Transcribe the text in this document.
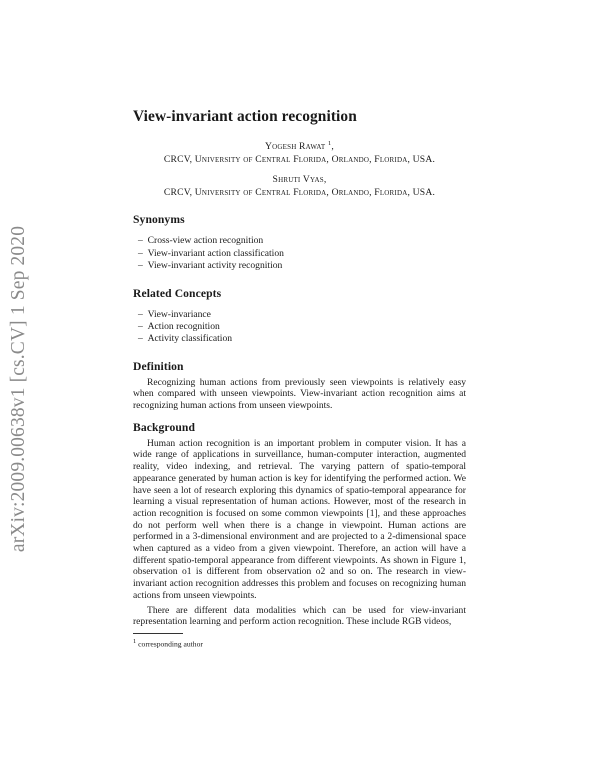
arXiv:2009.00638v1 [cs.CV] 1 Sep 2020
View-invariant action recognition
Yogesh Rawat $^1$,
CRCV, University of Central Florida, Orlando, Florida, USA.
Shruti Vyas,
CRCV, University of Central Florida, Orlando, Florida, USA.
Synonyms
–  Cross-view action recognition
–  View-invariant action classification
–  View-invariant activity recognition
Related Concepts
–  View-invariance
–  Action recognition
–  Activity classification
Definition

Recognizing human actions from previously seen viewpoints is relatively easy when compared with unseen viewpoints. View-invariant action recognition aims at recognizing human actions from unseen viewpoints.

Background

Human action recognition is an important problem in computer vision. It has a wide range of applications in surveillance, human-computer interaction, augmented reality, video indexing, and retrieval. The varying pattern of spatio-temporal appearance generated by human action is key for identifying the performed action. We have seen a lot of research exploring this dynamics of spatio-temporal appearance for learning a visual representation of human actions. However, most of the research in action recognition is focused on some common viewpoints [1], and these approaches do not perform well when there is a change in viewpoint. Human actions are performed in a 3-dimensional environment and are projected to a 2-dimensional space when captured as a video from a given viewpoint. Therefore, an action will have a different spatio-temporal appearance from different viewpoints. As shown in Figure 1, observation o1 is different from observation o2 and so on. The research in view-invariant action recognition addresses this problem and focuses on recognizing human actions from unseen viewpoints.

There are different data modalities which can be used for view-invariant representation learning and perform action recognition. These include RGB videos,

$^1$ corresponding author
